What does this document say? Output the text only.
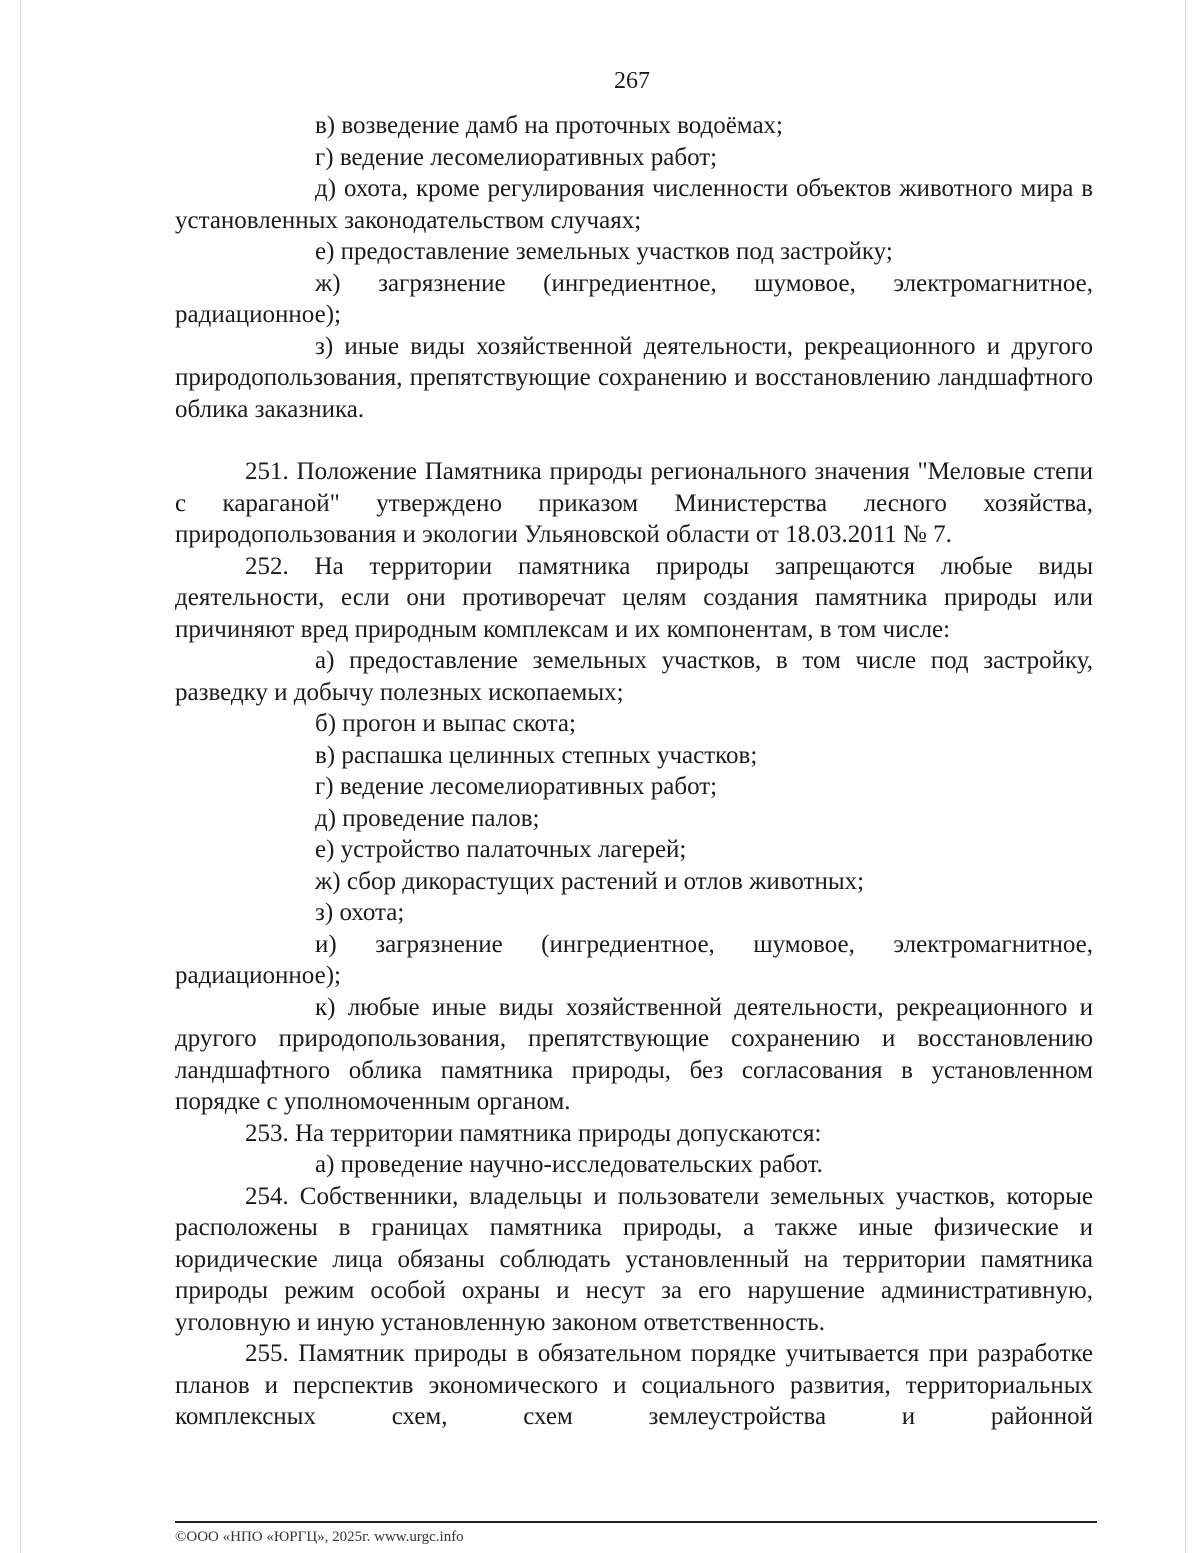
267

в) возведение дамб на проточных водоёмах;

г) ведение лесомелиоративных работ;

д) охота, кроме регулирования численности объектов животного мира в установленных законодательством случаях;

е) предоставление земельных участков под застройку;

ж) загрязнение (ингредиентное, шумовое, электромагнитное, радиационное);

з) иные виды хозяйственной деятельности, рекреационного и другого природопользования, препятствующие сохранению и восстановлению ландшафтного облика заказника.

251. Положение Памятника природы регионального значения "Меловые степи с караганой" утверждено приказом Министерства лесного хозяйства, природопользования и экологии Ульяновской области от 18.03.2011 № 7.

252. На территории памятника природы запрещаются любые виды деятельности, если они противоречат целям создания памятника природы или причиняют вред природным комплексам и их компонентам, в том числе:

а) предоставление земельных участков, в том числе под застройку, разведку и добычу полезных ископаемых;

б) прогон и выпас скота;

в) распашка целинных степных участков;

г) ведение лесомелиоративных работ;

д) проведение палов;

е) устройство палаточных лагерей;

ж) сбор дикорастущих растений и отлов животных;

з) охота;

и) загрязнение (ингредиентное, шумовое, электромагнитное, радиационное);

к) любые иные виды хозяйственной деятельности, рекреационного и другого природопользования, препятствующие сохранению и восстановлению ландшафтного облика памятника природы, без согласования в установленном порядке с уполномоченным органом.

253. На территории памятника природы допускаются:

а) проведение научно-исследовательских работ.

254. Собственники, владельцы и пользователи земельных участков, которые расположены в границах памятника природы, а также иные физические и юридические лица обязаны соблюдать установленный на территории памятника природы режим особой охраны и несут за его нарушение административную, уголовную и иную установленную законом ответственность.

255. Памятник природы в обязательном порядке учитывается при разработке планов и перспектив экономического и социального развития, территориальных комплексных схем, схем землеустройства и районной

©ООО «НПО «ЮРГЦ», 2025г. www.urgc.info
